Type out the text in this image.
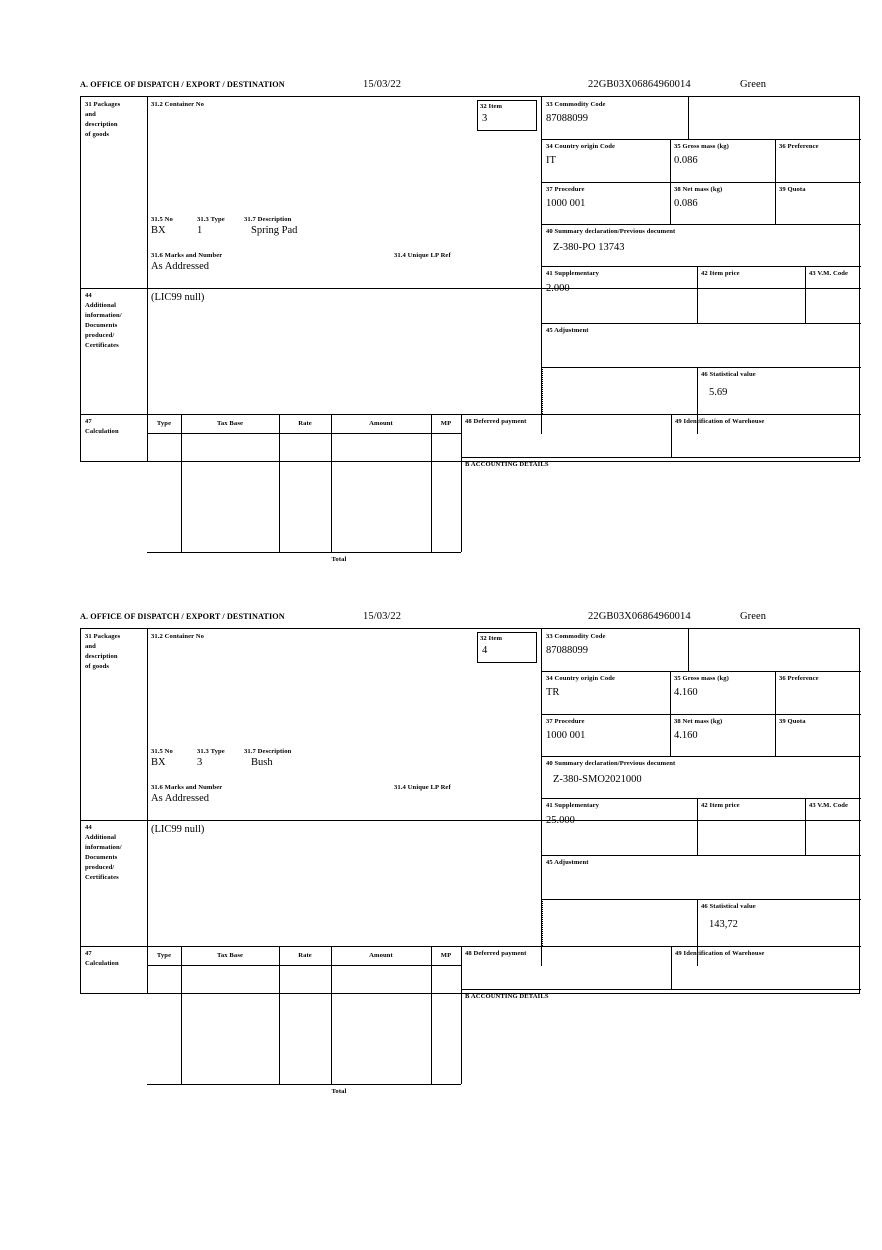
A. OFFICE OF DISPATCH / EXPORT / DESTINATION	15/03/22	22GB03X06864960014	Green
31 Packages
and
description
of goods
31.2 Container No
31.5 No	31.3 Type	31.7 Description
BX	1	Spring Pad
31.6 Marks and Number	31.4 Unique LP Ref
As Addressed
32 Item
3
33 Commodity Code
87088099
34 Country origin Code
IT
35 Gross mass (kg)
0.086
36 Preference
37 Procedure
1000 001
38 Net mass (kg)
0.086
39 Quota
40 Summary declaration/Previous document
Z-380-PO 13743
41 Supplementary
2.000
42 Item price	43 V.M. Code
45 Adjustment
46 Statistical value
5.69
44
Additional
information/
Documents
produced/
Certificates
(LIC99 null)
47
Calculation
Type	Tax Base	Rate	Amount	MP
Total
48 Deferred payment	49 Identification of Warehouse
B ACCOUNTING DETAILS
A. OFFICE OF DISPATCH / EXPORT / DESTINATION	15/03/22	22GB03X06864960014	Green
31 Packages
and
description
of goods
31.2 Container No
31.5 No	31.3 Type	31.7 Description
BX	3	Bush
31.6 Marks and Number	31.4 Unique LP Ref
As Addressed
32 Item
4
33 Commodity Code
87088099
34 Country origin Code
TR
35 Gross mass (kg)
4.160
36 Preference
37 Procedure
1000 001
38 Net mass (kg)
4.160
39 Quota
40 Summary declaration/Previous document
Z-380-SMO2021000
41 Supplementary
25.000
42 Item price	43 V.M. Code
45 Adjustment
46 Statistical value
143,72
44
Additional
information/
Documents
produced/
Certificates
(LIC99 null)
47
Calculation
Type	Tax Base	Rate	Amount	MP
Total
48 Deferred payment	49 Identification of Warehouse
B ACCOUNTING DETAILS
